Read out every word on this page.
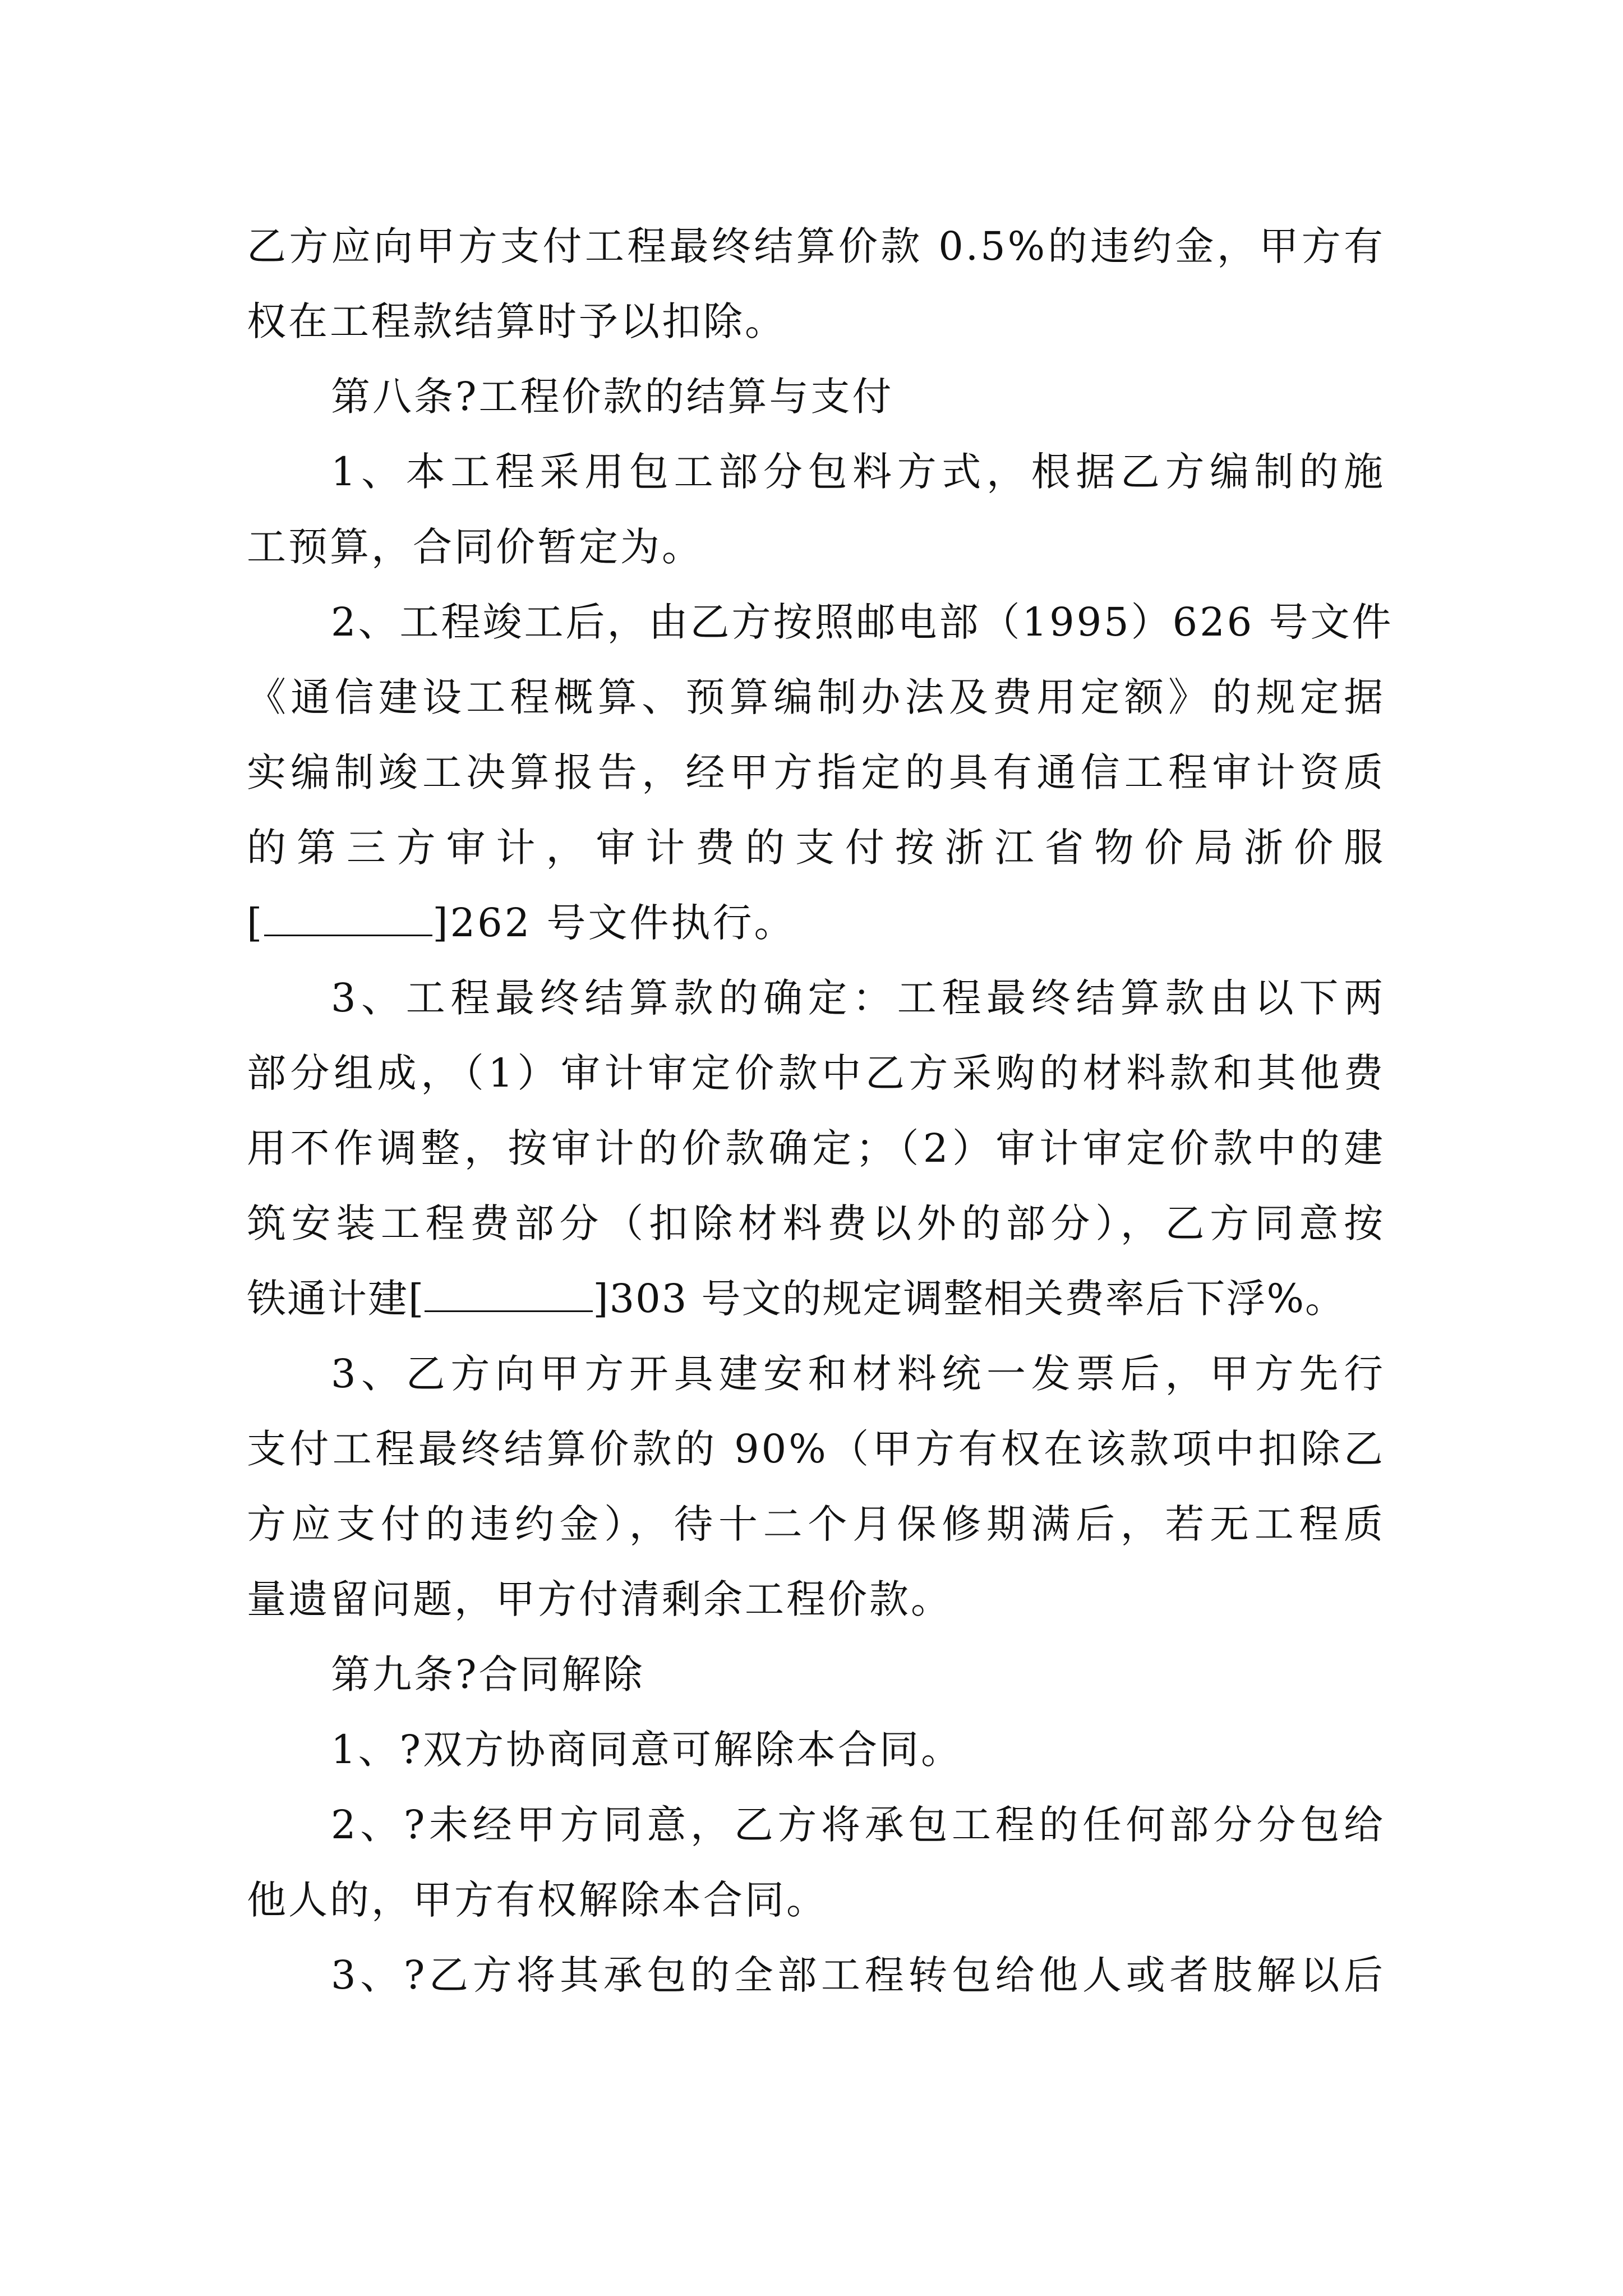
乙方应向甲方支付工程最终结算价款 0.5%的违约金，甲方有
权在工程款结算时予以扣除。
第八条?工程价款的结算与支付
1、本工程采用包工部分包料方式，根据乙方编制的施
工预算，合同价暂定为。
2、工程竣工后，由乙方按照邮电部（1995）626 号文件
《通信建设工程概算、预算编制办法及费用定额》的规定据
实编制竣工决算报告，经甲方指定的具有通信工程审计资质
的第三方审计，审计费的支付按浙江省物价局浙价服
[	]262 号文件执行。
3、工程最终结算款的确定：工程最终结算款由以下两
部分组成，（1）审计审定价款中乙方采购的材料款和其他费
用不作调整，按审计的价款确定；（2）审计审定价款中的建
筑安装工程费部分（扣除材料费以外的部分），乙方同意按
铁通计建[	]303 号文的规定调整相关费率后下浮%。
3、乙方向甲方开具建安和材料统一发票后，甲方先行
支付工程最终结算价款的 90%（甲方有权在该款项中扣除乙
方应支付的违约金），待十二个月保修期满后，若无工程质
量遗留问题，甲方付清剩余工程价款。
第九条?合同解除
1、?双方协商同意可解除本合同。
2、?未经甲方同意，乙方将承包工程的任何部分分包给
他人的，甲方有权解除本合同。
3、?乙方将其承包的全部工程转包给他人或者肢解以后
